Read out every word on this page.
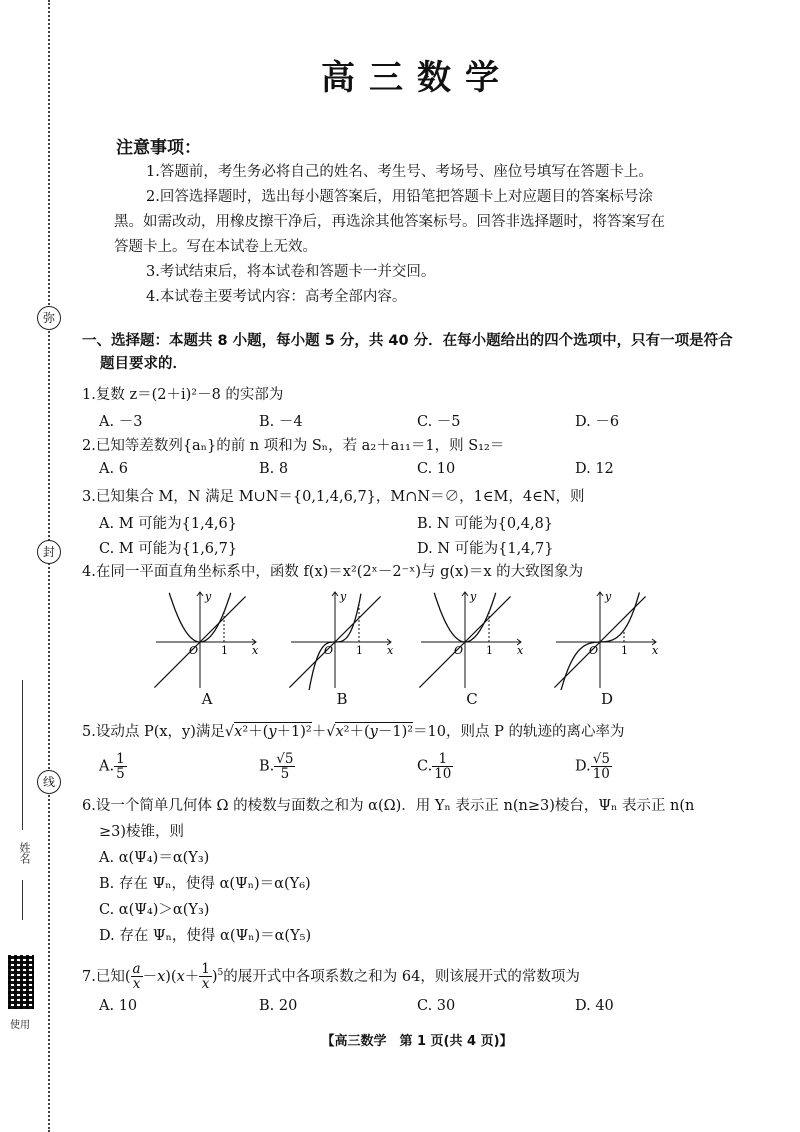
弥
封
线
姓名
使用
高三数学
注意事项：
1.答题前，考生务必将自己的姓名、考生号、考场号、座位号填写在答题卡上。
2.回答选择题时，选出每小题答案后，用铅笔把答题卡上对应题目的答案标号涂
黑。如需改动，用橡皮擦干净后，再选涂其他答案标号。回答非选择题时，将答案写在
答题卡上。写在本试卷上无效。
3.考试结束后，将本试卷和答题卡一并交回。
4.本试卷主要考试内容：高考全部内容。
一、选择题：本题共 8 小题，每小题 5 分，共 40 分．在每小题给出的四个选项中，只有一项是符合
题目要求的．
1.复数 z＝(2＋i)²－8 的实部为
A. －3	B. －4	C. －5	D. －6
2.已知等差数列{aₙ}的前 n 项和为 Sₙ，若 a₂＋a₁₁＝1，则 S₁₂＝
A. 6	B. 8	C. 10	D. 12
3.已知集合 M，N 满足 M∪N＝{0,1,4,6,7}，M∩N＝∅，1∈M，4∈N，则
A. M 可能为{1,4,6}	B. N 可能为{0,4,8}
C. M 可能为{1,6,7}	D. N 可能为{1,4,7}
4.在同一平面直角坐标系中，函数 f(x)＝x²(2ˣ－2⁻ˣ)与 g(x)＝x 的大致图象为
y
x
O 1
A
y
x
O 1
B
y
x
O 1
C
y
x
O 1
D
5.设动点 P(x，y)满足√x²＋(y＋1)²＋√x²＋(y－1)²＝10，则点 P 的轨迹的离心率为
A. $\frac{1}{5}$	B. $\frac{√5}{5}$	C. $\frac{1}{10}$	D. $\frac{√5}{10}$
6.设一个简单几何体 Ω 的棱数与面数之和为 α(Ω)．用 Υₙ 表示正 n(n≥3)棱台，Ψₙ 表示正 n(n
≥3)棱锥，则
A. α(Ψ₄)＝α(Υ₃)
B. 存在 Ψₙ，使得 α(Ψₙ)＝α(Υ₆)
C. α(Ψ₄)＞α(Υ₃)
D. 存在 Ψₙ，使得 α(Ψₙ)＝α(Υ₅)
7.已知( $\frac{a}{x} -x)(x+ \frac{1}{x} )^5$的展开式中各项系数之和为 64，则该展开式的常数项为
A. 10	B. 20	C. 30	D. 40
【高三数学　第 1 页(共 4 页)】
